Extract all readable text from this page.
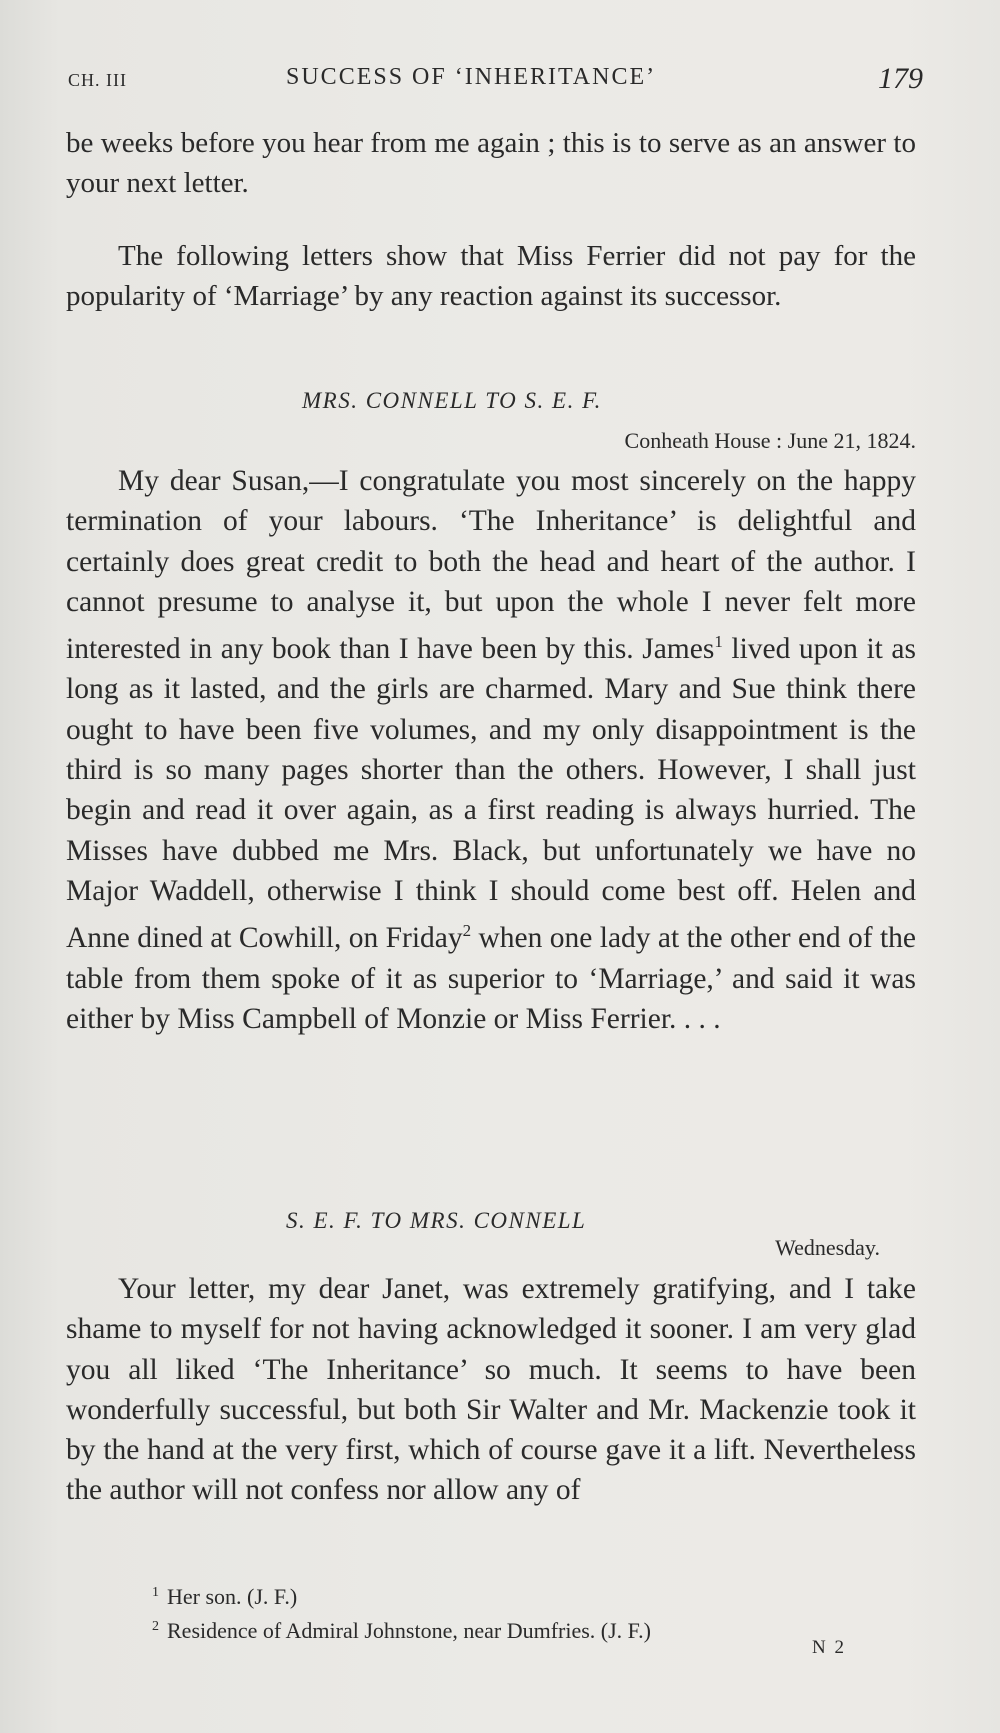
CH. III	SUCCESS OF ‘INHERITANCE’	179
be weeks before you hear from me again ; this is to serve as an answer to your next letter.
The following letters show that Miss Ferrier did not pay for the popularity of ‘Marriage’ by any reaction against its successor.
MRS. CONNELL TO S. E. F.
Conheath House : June 21, 1824.
My dear Susan,—I congratulate you most sincerely on the happy termination of your labours. ‘The Inheritance’ is delightful and certainly does great credit to both the head and heart of the author. I cannot presume to analyse it, but upon the whole I never felt more interested in any book than I have been by this. James$^1$ lived upon it as long as it lasted, and the girls are charmed. Mary and Sue think there ought to have been five volumes, and my only disappointment is the third is so many pages shorter than the others. However, I shall just begin and read it over again, as a first reading is always hurried. The Misses have dubbed me Mrs. Black, but unfortunately we have no Major Waddell, otherwise I think I should come best off. Helen and Anne dined at Cowhill, on Friday$^2$ when one lady at the other end of the table from them spoke of it as superior to ‘Marriage,’ and said it was either by Miss Campbell of Monzie or Miss Ferrier. . . .
S. E. F. TO MRS. CONNELL
Wednesday.
Your letter, my dear Janet, was extremely gratifying, and I take shame to myself for not having acknowledged it sooner. I am very glad you all liked ‘The Inheritance’ so much. It seems to have been wonderfully successful, but both Sir Walter and Mr. Mackenzie took it by the hand at the very first, which of course gave it a lift. Nevertheless the author will not confess nor allow any of
$^1$ Her son. (J. F.)
$^2$ Residence of Admiral Johnstone, near Dumfries. (J. F.)
N 2
